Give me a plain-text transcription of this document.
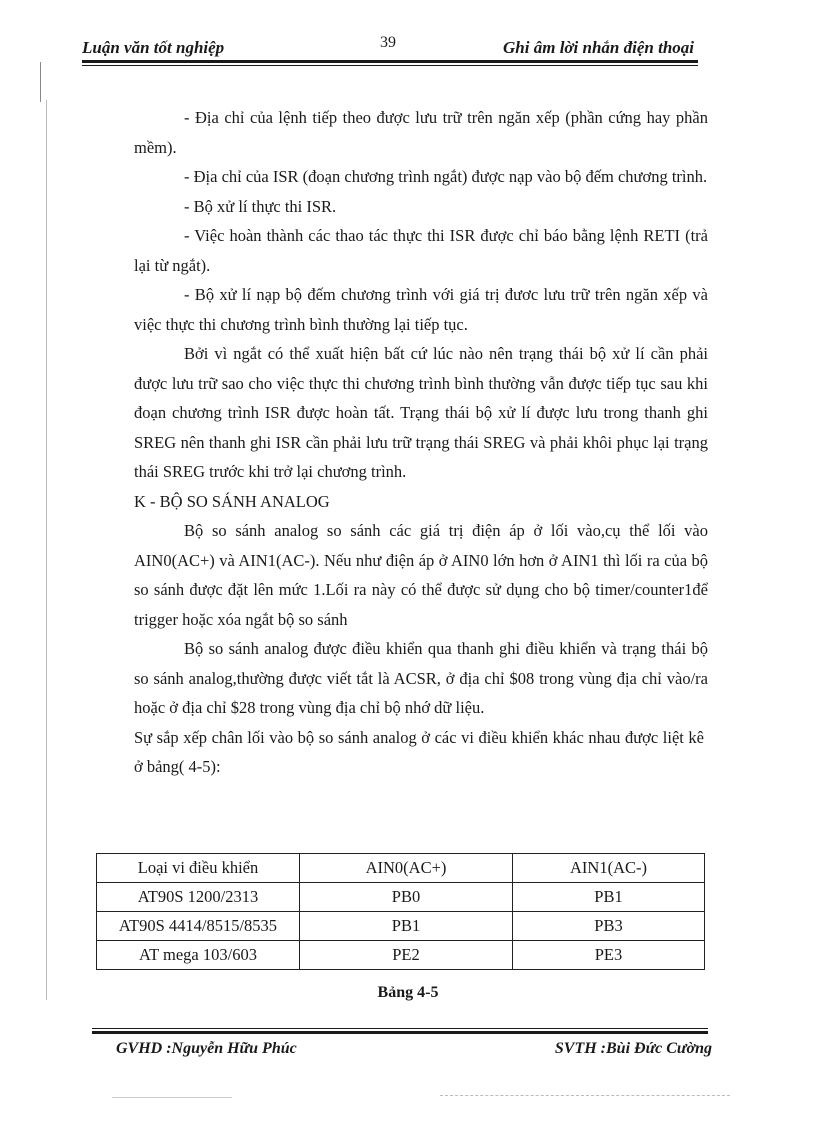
Luận văn tốt nghiệp	39	Ghi âm lời nhắn điện thoại

- Địa chỉ của lệnh tiếp theo được lưu trữ trên ngăn xếp (phần cứng hay phần mềm).

- Địa chỉ của ISR (đoạn chương trình ngắt) được nạp vào bộ đếm chương trình.

- Bộ xử lí thực thi ISR.

- Việc hoàn thành các thao tác thực thi ISR được chỉ báo bằng lệnh RETI (trả lại từ ngắt).

- Bộ xử lí nạp bộ đếm chương trình với giá trị đươc lưu trữ trên ngăn xếp và việc thực thi chương trình bình thường lại tiếp tục.

Bởi vì ngắt có thể xuất hiện bất cứ lúc nào nên trạng thái bộ xử lí cần phải được lưu trữ sao cho việc thực thi chương trình bình thường vẫn được tiếp tục sau khi đoạn chương trình ISR được hoàn tất. Trạng thái bộ xử lí được lưu trong thanh ghi SREG nên thanh ghi ISR cần phải lưu trữ trạng thái SREG và phải khôi phục lại trạng thái SREG trước khi trở lại chương trình.

K - BỘ SO SÁNH ANALOG

Bộ so sánh analog so sánh các giá trị điện áp ở lối vào,cụ thể lối vào AIN0(AC+) và AIN1(AC-). Nếu như điện áp ở AIN0 lớn hơn ở AIN1 thì lối ra của bộ so sánh được đặt lên mức 1.Lối ra này có thể được sử dụng cho bộ timer/counter1để trigger hoặc xóa ngắt bộ so sánh

Bộ so sánh analog được điều khiển qua thanh ghi điều khiển và trạng thái bộ so sánh analog,thường được viết tắt là ACSR, ở địa chỉ $08 trong vùng địa chỉ vào/ra hoặc ở địa chỉ $28 trong vùng địa chỉ bộ nhớ dữ liệu.

Sự sắp xếp chân lối vào bộ so sánh analog ở các vi điều khiển khác nhau được liệt kê ở bảng( 4-5):

Loại vi điều khiển	AIN0(AC+)	AIN1(AC-)
AT90S 1200/2313	PB0	PB1
AT90S 4414/8515/8535	PB1	PB3
AT mega 103/603	PE2	PE3
Bảng 4-5
GVHD :Nguyễn Hữu Phúc	SVTH :Bùi Đức Cường
